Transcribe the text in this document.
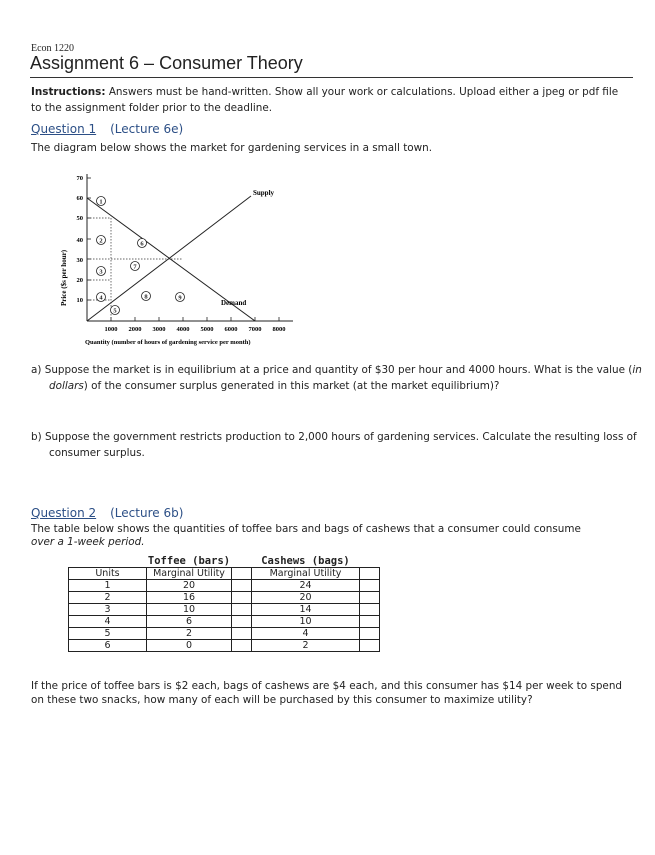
Econ 1220
Assignment 6 – Consumer Theory
Instructions: Answers must be hand-written. Show all your work or calculations. Upload either a jpeg or pdf file to the assignment folder prior to the deadline.
Question 1 (Lecture 6e)
The diagram below shows the market for gardening services in a small town.
Price ($s per hour)
70
60
50
40
30
20
10
Supply
Demand
1
2
3
4
5
6
7
8	9
1000 2000 3000 4000 5000 6000 7000 8000
Quantity (number of hours of gardening service per month)
a) Suppose the market is in equilibrium at a price and quantity of $30 per hour and 4000 hours. What is the value (in dollars) of the consumer surplus generated in this market (at the market equilibrium)?
b) Suppose the government restricts production to 2,000 hours of gardening services. Calculate the resulting loss of consumer surplus.
Question 2 (Lecture 6b)
The table below shows the quantities of toffee bars and bags of cashews that a consumer could consume
over a 1-week period.
	Toffee (bars)		Cashews (bags)	
Units	Marginal Utility		Marginal Utility	
1	20		24	
2	16		20	
3	10		14	
4	6		10	
5	2		4	
6	0		2	
If the price of toffee bars is $2 each, bags of cashews are $4 each, and this consumer has $14 per week to spend on these two snacks, how many of each will be purchased by this consumer to maximize utility?
